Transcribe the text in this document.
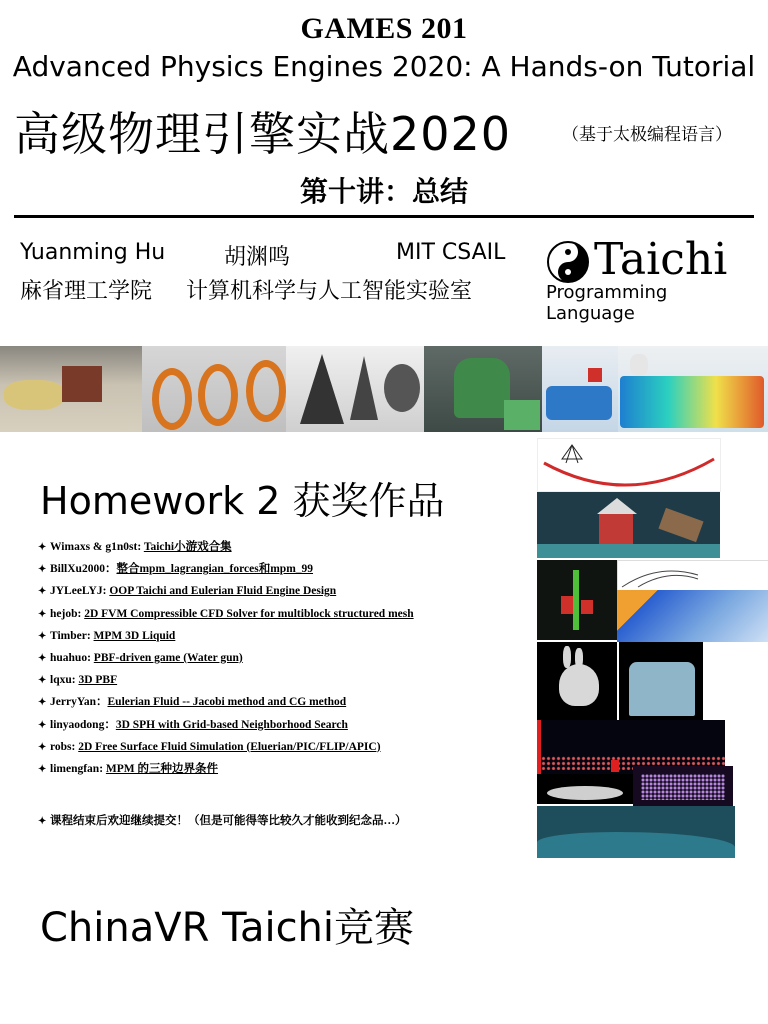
GAMES 201
Advanced Physics Engines 2020: A Hands-on Tutorial
高级物理引擎实战2020	（基于太极编程语言）
第十讲：总结
Yuanming Hu	胡渊鸣	MIT CSAIL
麻省理工学院 计算机科学与人工智能实验室
Taichi
Programming Language
Homework 2 获奖作品
✦ Wimaxs & g1n0st: Taichi小游戏合集
✦ BillXu2000：整合mpm_lagrangian_forces和mpm_99
✦ JYLeeLYJ: OOP Taichi and Eulerian Fluid Engine Design
✦ hejob: 2D FVM Compressible CFD Solver for multiblock structured mesh
✦ Timber: MPM 3D Liquid
✦ huahuo: PBF-driven game (Water gun)
✦ lqxu: 3D PBF
✦ JerryYan：Eulerian Fluid -- Jacobi method and CG method
✦ linyaodong：3D SPH with Grid-based Neighborhood Search
✦ robs: 2D Free Surface Fluid Simulation (Eluerian/PIC/FLIP/APIC)
✦ limengfan: MPM 的三种边界条件
✦ 课程结束后欢迎继续提交！（但是可能得等比较久才能收到纪念品…）
ChinaVR Taichi竞赛
